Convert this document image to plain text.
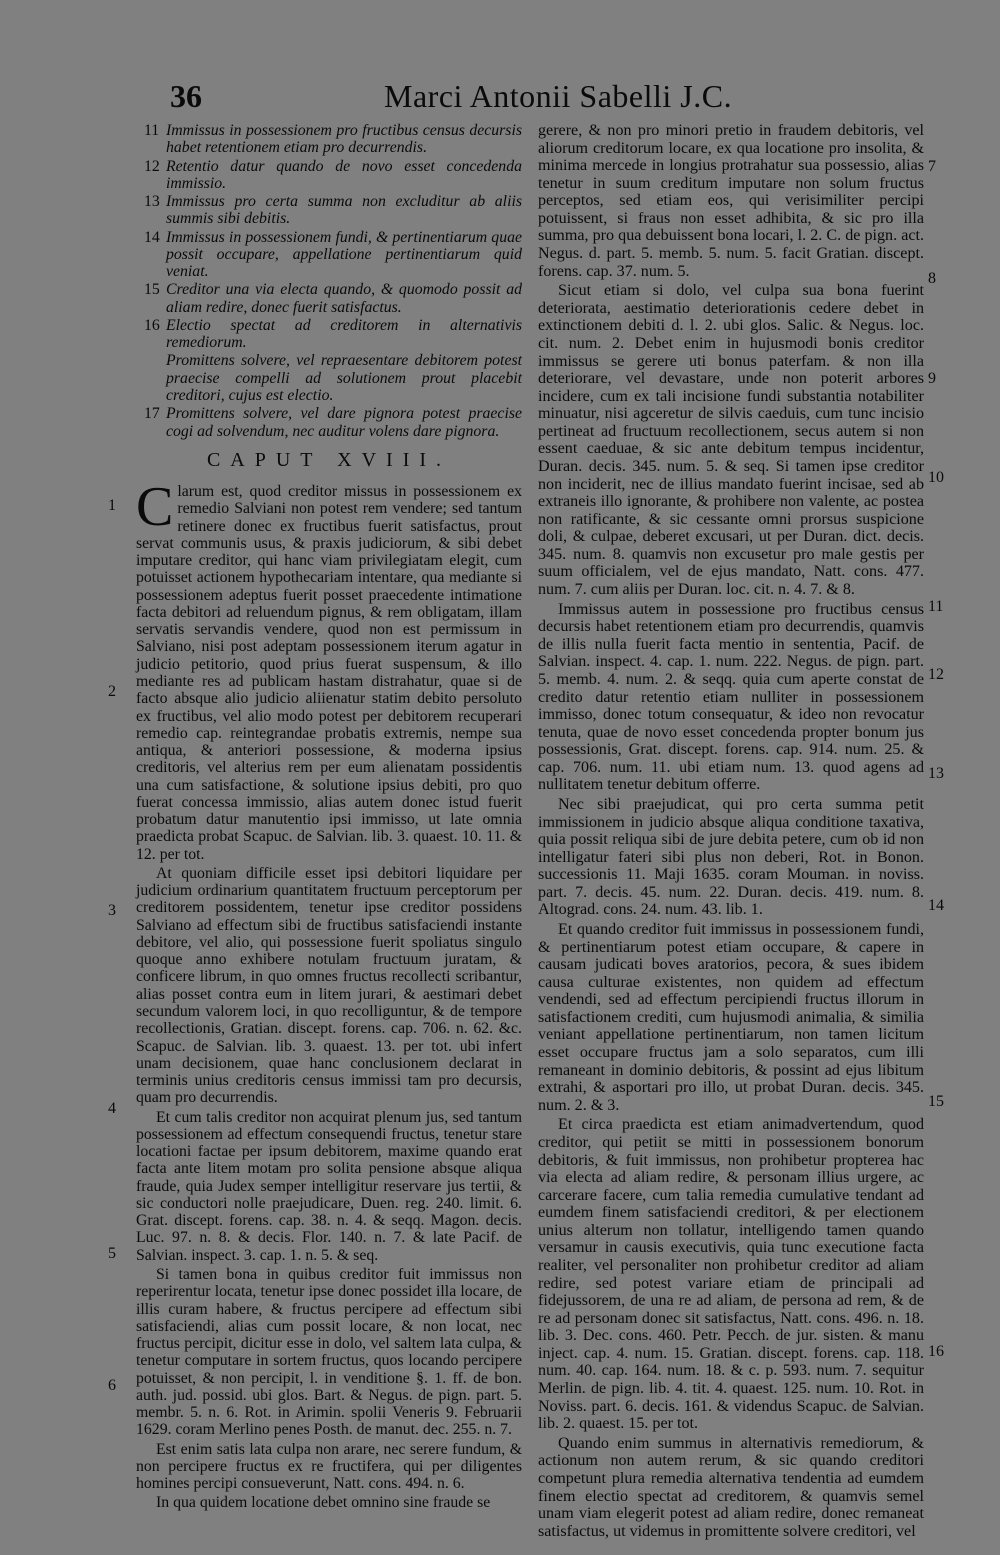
36	Marci Antonii Sabelli J.C.
11 Immissus in possessionem pro fructibus census decursis habet retentionem etiam pro decurrendis.
12 Retentio datur quando de novo esset concedenda immissio.
13 Immissus pro certa summa non excluditur ab aliis summis sibi debitis.
14 Immissus in possessionem fundi, & pertinentiarum quae possit occupare, appellatione pertinentiarum quid veniat.
15 Creditor una via electa quando, & quomodo possit ad aliam redire, donec fuerit satisfactus.
16 Electio spectat ad creditorem in alternativis remediorum.
Promittens solvere, vel repraesentare debitorem potest praecise compelli ad solutionem prout placebit creditori, cujus est electio.
17 Promittens solvere, vel dare pignora potest praecise cogi ad solvendum, nec auditur volens dare pignora.
CAPUT XVIII.

Clarum est, quod creditor missus in possessionem ex remedio Salviani non potest rem vendere; sed tantum retinere donec ex fructibus fuerit satisfactus, prout servat communis usus, & praxis judiciorum, & sibi debet imputare creditor, qui hanc viam privilegiatam elegit, cum potuisset actionem hypothecariam intentare, qua mediante si possessionem adeptus fuerit posset praecedente intimatione facta debitori ad reluendum pignus, & rem obligatam, illam servatis servandis vendere, quod non est permissum in Salviano, nisi post adeptam possessionem iterum agatur in judicio petitorio, quod prius fuerat suspensum, & illo mediante res ad publicam hastam distrahatur, quae si de facto absque alio judicio aliienatur statim debito persoluto ex fructibus, vel alio modo potest per debitorem recuperari remedio cap. reintegrandae probatis extremis, nempe sua antiqua, & anteriori possessione, & moderna ipsius creditoris, vel alterius rem per eum alienatam possidentis una cum satisfactione, & solutione ipsius debiti, pro quo fuerat concessa immissio, alias autem donec istud fuerit probatum datur manutentio ipsi immisso, ut late omnia praedicta probat Scapuc. de Salvian. lib. 3. quaest. 10. 11. & 12. per tot.

At quoniam difficile esset ipsi debitori liquidare per judicium ordinarium quantitatem fructuum perceptorum per creditorem possidentem, tenetur ipse creditor possidens Salviano ad effectum sibi de fructibus satisfaciendi instante debitore, vel alio, qui possessione fuerit spoliatus singulo quoque anno exhibere notulam fructuum juratam, & conficere librum, in quo omnes fructus recollecti scribantur, alias posset contra eum in litem jurari, & aestimari debet secundum valorem loci, in quo recolliguntur, & de tempore recollectionis, Gratian. discept. forens. cap. 706. n. 62. &c. Scapuc. de Salvian. lib. 3. quaest. 13. per tot. ubi infert unam decisionem, quae hanc conclusionem declarat in terminis unius creditoris census immissi tam pro decursis, quam pro decurrendis.

Et cum talis creditor non acquirat plenum jus, sed tantum possessionem ad effectum consequendi fructus, tenetur stare locationi factae per ipsum debitorem, maxime quando erat facta ante litem motam pro solita pensione absque aliqua fraude, quia Judex semper intelligitur reservare jus tertii, & sic conductori nolle praejudicare, Duen. reg. 240. limit. 6. Grat. discept. forens. cap. 38. n. 4. & seqq. Magon. decis. Luc. 97. n. 8. & decis. Flor. 140. n. 7. & late Pacif. de Salvian. inspect. 3. cap. 1. n. 5. & seq.

Si tamen bona in quibus creditor fuit immissus non reperirentur locata, tenetur ipse donec possidet illa locare, de illis curam habere, & fructus percipere ad effectum sibi satisfaciendi, alias cum possit locare, & non locat, nec fructus percipit, dicitur esse in dolo, vel saltem lata culpa, & tenetur computare in sortem fructus, quos locando percipere potuisset, & non percipit, l. in venditione §. 1. ff. de bon. auth. jud. possid. ubi glos. Bart. & Negus. de pign. part. 5. membr. 5. n. 6. Rot. in Arimin. spolii Veneris 9. Februarii 1629. coram Merlino penes Posth. de manut. dec. 255. n. 7.

Est enim satis lata culpa non arare, nec serere fundum, & non percipere fructus ex re fructifera, qui per diligentes homines percipi consueverunt, Natt. cons. 494. n. 6.

In qua quidem locatione debet omnino sine fraude se

gerere, & non pro minori pretio in fraudem debitoris, vel aliorum creditorum locare, ex qua locatione pro insolita, & minima mercede in longius protrahatur sua possessio, alias tenetur in suum creditum imputare non solum fructus perceptos, sed etiam eos, qui verisimiliter percipi potuissent, si fraus non esset adhibita, & sic pro illa summa, pro qua debuissent bona locari, l. 2. C. de pign. act. Negus. d. part. 5. memb. 5. num. 5. facit Gratian. discept. forens. cap. 37. num. 5.

Sicut etiam si dolo, vel culpa sua bona fuerint deteriorata, aestimatio deteriorationis cedere debet in extinctionem debiti d. l. 2. ubi glos. Salic. & Negus. loc. cit. num. 2. Debet enim in hujusmodi bonis creditor immissus se gerere uti bonus paterfam. & non illa deteriorare, vel devastare, unde non poterit arbores incidere, cum ex tali incisione fundi substantia notabiliter minuatur, nisi agceretur de silvis caeduis, cum tunc incisio pertineat ad fructuum recollectionem, secus autem si non essent caeduae, & sic ante debitum tempus incidentur, Duran. decis. 345. num. 5. & seq. Si tamen ipse creditor non inciderit, nec de illius mandato fuerint incisae, sed ab extraneis illo ignorante, & prohibere non valente, ac postea non ratificante, & sic cessante omni prorsus suspicione doli, & culpae, deberet excusari, ut per Duran. dict. decis. 345. num. 8. quamvis non excusetur pro male gestis per suum officialem, vel de ejus mandato, Natt. cons. 477. num. 7. cum aliis per Duran. loc. cit. n. 4. 7. & 8.

Immissus autem in possessione pro fructibus census decursis habet retentionem etiam pro decurrendis, quamvis de illis nulla fuerit facta mentio in sententia, Pacif. de Salvian. inspect. 4. cap. 1. num. 222. Negus. de pign. part. 5. memb. 4. num. 2. & seqq. quia cum aperte constat de credito datur retentio etiam nulliter in possessionem immisso, donec totum consequatur, & ideo non revocatur tenuta, quae de novo esset concedenda propter bonum jus possessionis, Grat. discept. forens. cap. 914. num. 25. & cap. 706. num. 11. ubi etiam num. 13. quod agens ad nullitatem tenetur debitum offerre.

Nec sibi praejudicat, qui pro certa summa petit immissionem in judicio absque aliqua conditione taxativa, quia possit reliqua sibi de jure debita petere, cum ob id non intelligatur fateri sibi plus non deberi, Rot. in Bonon. successionis 11. Maji 1635. coram Mouman. in noviss. part. 7. decis. 45. num. 22. Duran. decis. 419. num. 8. Altograd. cons. 24. num. 43. lib. 1.

Et quando creditor fuit immissus in possessionem fundi, & pertinentiarum potest etiam occupare, & capere in causam judicati boves aratorios, pecora, & sues ibidem causa culturae existentes, non quidem ad effectum vendendi, sed ad effectum percipiendi fructus illorum in satisfactionem crediti, cum hujusmodi animalia, & similia veniant appellatione pertinentiarum, non tamen licitum esset occupare fructus jam a solo separatos, cum illi remaneant in dominio debitoris, & possint ad ejus libitum extrahi, & asportari pro illo, ut probat Duran. decis. 345. num. 2. & 3.

Et circa praedicta est etiam animadvertendum, quod creditor, qui petiit se mitti in possessionem bonorum debitoris, & fuit immissus, non prohibetur propterea hac via electa ad aliam redire, & personam illius urgere, ac carcerare facere, cum talia remedia cumulative tendant ad eumdem finem satisfaciendi creditori, & per electionem unius alterum non tollatur, intelligendo tamen quando versamur in causis executivis, quia tunc executione facta realiter, vel personaliter non prohibetur creditor ad aliam redire, sed potest variare etiam de principali ad fidejussorem, de una re ad aliam, de persona ad rem, & de re ad personam donec sit satisfactus, Natt. cons. 496. n. 18. lib. 3. Dec. cons. 460. Petr. Pecch. de jur. sisten. & manu inject. cap. 4. num. 15. Gratian. discept. forens. cap. 118. num. 40. cap. 164. num. 18. & c. p. 593. num. 7. sequitur Merlin. de pign. lib. 4. tit. 4. quaest. 125. num. 10. Rot. in Noviss. part. 6. decis. 161. & videndus Scapuc. de Salvian. lib. 2. quaest. 15. per tot.

Quando enim summus in alternativis remediorum, & actionum non autem rerum, & sic quando creditori competunt plura remedia alternativa tendentia ad eumdem finem electio spectat ad creditorem, & quamvis semel unam viam elegerit potest ad aliam redire, donec remaneat satisfactus, ut videmus in promittente solvere creditori, vel

1
2
3
4
5
6
7
8
9
10
11
12
13
14
15
16
